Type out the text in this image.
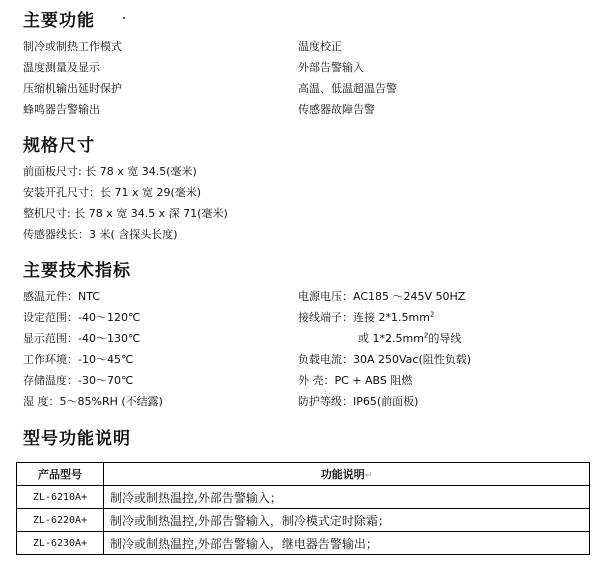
主要功能
制冷或制热工作模式
温度测量及显示
压缩机输出延时保护
蜂鸣器告警输出
温度校正
外部告警输入
高温、低温超温告警
传感器故障告警
规格尺寸
前面板尺寸: 长 78 x 宽 34.5(毫米)
安装开孔尺寸：长 71 x 宽 29(毫米)
整机尺寸: 长 78 x 宽 34.5 x 深 71(毫米)
传感器线长：3 米( 含探头长度)
主要技术指标
感温元件：NTC
设定范围：-40～120℃
显示范围：-40～130℃
工作环境：-10～45℃
存储温度：-30～70℃
湿 度：5～85%RH (不结露)
电源电压：AC185 ～245V 50HZ
接线端子：连接 $2*1.5mm^2$
或 $1*2.5mm^2$的导线
负载电流：30A 250Vac(阻性负载)
外 壳：PC + ABS 阻燃
防护等级：IP65(前面板)
型号功能说明
产品型号	功能说明↵
ZL-6210A+	制冷或制热温控,外部告警输入；
ZL-6220A+	制冷或制热温控,外部告警输入，制冷模式定时除霜；
ZL-6230A+	制冷或制热温控,外部告警输入，继电器告警输出；
